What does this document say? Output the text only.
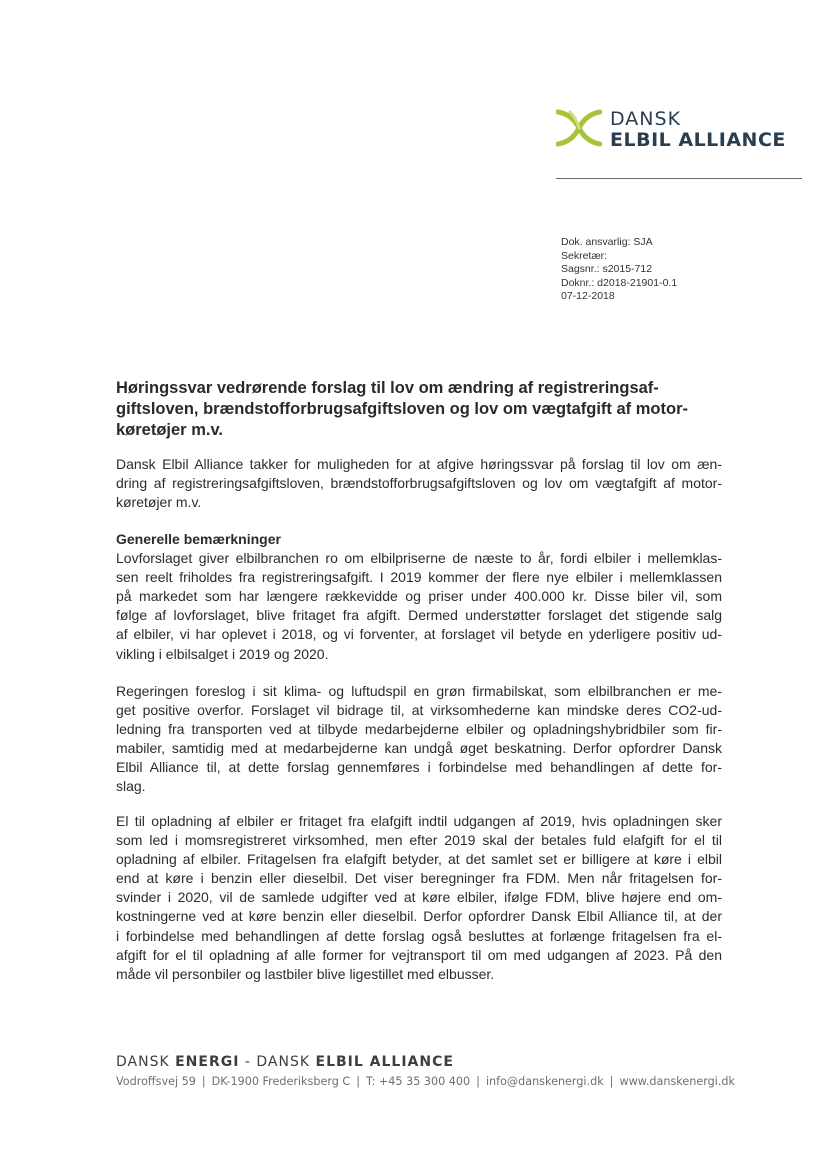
DANSK
ELBIL ALLIANCE
Dok. ansvarlig: SJA
Sekretær:
Sagsnr.: s2015-712
Doknr.: d2018-21901-0.1
07-12-2018
Høringssvar vedrørende forslag til lov om ændring af registreringsaf-
giftsloven, brændstofforbrugsafgiftsloven og lov om vægtafgift af motor-
køretøjer m.v.
Dansk Elbil Alliance takker for muligheden for at afgive høringssvar på forslag til lov om æn-
dring af registreringsafgiftsloven, brændstofforbrugsafgiftsloven og lov om vægtafgift af motor-
køretøjer m.v.
Generelle bemærkninger
Lovforslaget giver elbilbranchen ro om elbilpriserne de næste to år, fordi elbiler i mellemklas-
sen reelt friholdes fra registreringsafgift. I 2019 kommer der flere nye elbiler i mellemklassen
på markedet som har længere rækkevidde og priser under 400.000 kr. Disse biler vil, som
følge af lovforslaget, blive fritaget fra afgift. Dermed understøtter forslaget det stigende salg
af elbiler, vi har oplevet i 2018, og vi forventer, at forslaget vil betyde en yderligere positiv ud-
vikling i elbilsalget i 2019 og 2020.
Regeringen foreslog i sit klima- og luftudspil en grøn firmabilskat, som elbilbranchen er me-
get positive overfor. Forslaget vil bidrage til, at virksomhederne kan mindske deres CO2-ud-
ledning fra transporten ved at tilbyde medarbejderne elbiler og opladningshybridbiler som fir-
mabiler, samtidig med at medarbejderne kan undgå øget beskatning. Derfor opfordrer Dansk
Elbil Alliance til, at dette forslag gennemføres i forbindelse med behandlingen af dette for-
slag.
El til opladning af elbiler er fritaget fra elafgift indtil udgangen af 2019, hvis opladningen sker
som led i momsregistreret virksomhed, men efter 2019 skal der betales fuld elafgift for el til
opladning af elbiler. Fritagelsen fra elafgift betyder, at det samlet set er billigere at køre i elbil
end at køre i benzin eller dieselbil. Det viser beregninger fra FDM. Men når fritagelsen for-
svinder i 2020, vil de samlede udgifter ved at køre elbiler, ifølge FDM, blive højere end om-
kostningerne ved at køre benzin eller dieselbil. Derfor opfordrer Dansk Elbil Alliance til, at der
i forbindelse med behandlingen af dette forslag også besluttes at forlænge fritagelsen fra el-
afgift for el til opladning af alle former for vejtransport til om med udgangen af 2023. På den
måde vil personbiler og lastbiler blive ligestillet med elbusser.
DANSK ENERGI - DANSK ELBIL ALLIANCE
Vodroffsvej 59 | DK-1900 Frederiksberg C | T: +45 35 300 400 | info@danskenergi.dk | www.danskenergi.dk
